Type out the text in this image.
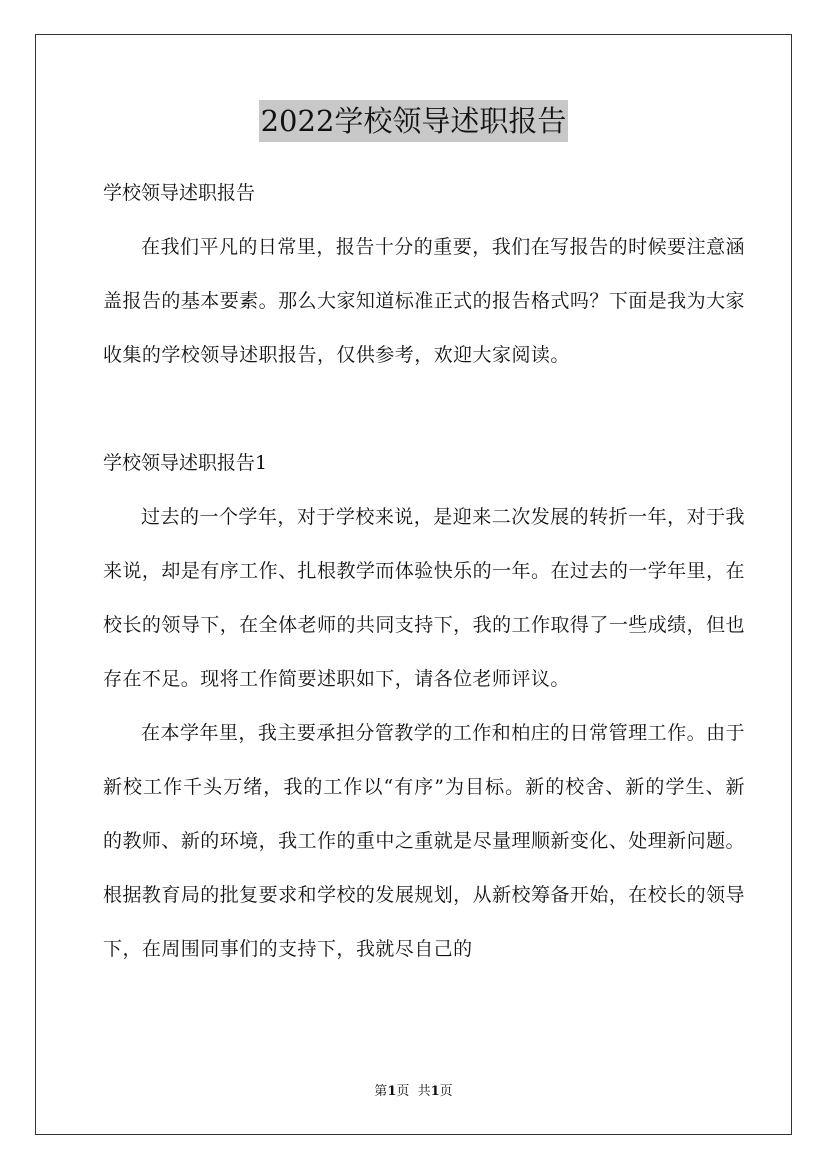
2022学校领导述职报告

学校领导述职报告

在我们平凡的日常里，报告十分的重要，我们在写报告的时候要注意涵盖报告的基本要素。那么大家知道标准正式的报告格式吗？下面是我为大家收集的学校领导述职报告，仅供参考，欢迎大家阅读。

学校领导述职报告1

过去的一个学年，对于学校来说，是迎来二次发展的转折一年，对于我来说，却是有序工作、扎根教学而体验快乐的一年。在过去的一学年里，在校长的领导下，在全体老师的共同支持下，我的工作取得了一些成绩，但也存在不足。现将工作简要述职如下，请各位老师评议。

在本学年里，我主要承担分管教学的工作和柏庄的日常管理工作。由于新校工作千头万绪，我的工作以“有序”为目标。新的校舍、新的学生、新的教师、新的环境，我工作的重中之重就是尽量理顺新变化、处理新问题。根据教育局的批复要求和学校的发展规划，从新校筹备开始，在校长的领导下，在周围同事们的支持下，我就尽自己的

第1页  共1页
